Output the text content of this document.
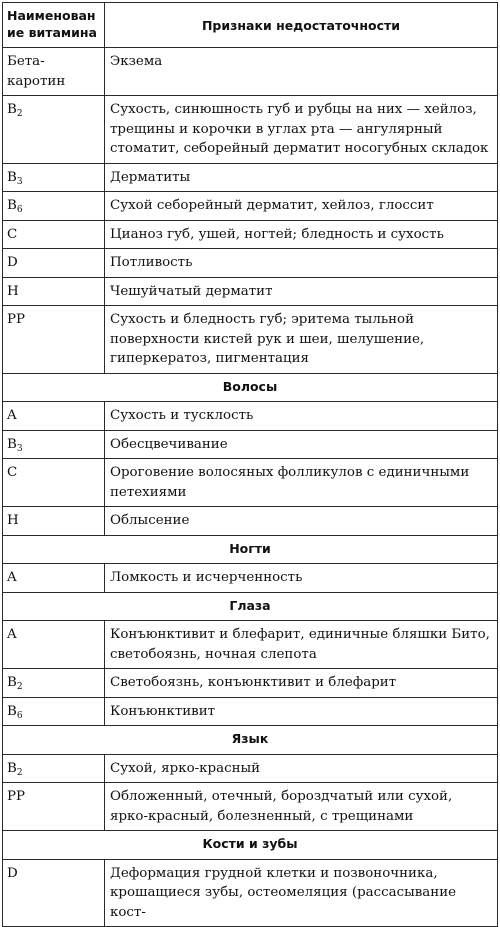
Наименование витамина	Признаки недостаточности
Бета-каротин	Экзема
$B_2$	Сухость, синюшность губ и рубцы на них — хейлоз, трещины и корочки в углах рта — ангулярный стоматит, себорейный дерматит носогубных складок
$B_3$	Дерматиты
$B_6$	Сухой себорейный дерматит, хейлоз, глоссит
C	Цианоз губ, ушей, ногтей; бледность и сухость
D	Потливость
H	Чешуйчатый дерматит
PP	Сухость и бледность губ; эритема тыльной поверхности кистей рук и шеи, шелушение, гиперкератоз, пигментация
Волосы	
A	Сухость и тусклость
$B_3$	Обесцвечивание
C	Ороговение волосяных фолликулов с единичными петехиями
H	Облысение
Ногти	
A	Ломкость и исчерченность
Глаза	
A	Конъюнктивит и блефарит, единичные бляшки Бито, светобоязнь, ночная слепота
$B_2$	Светобоязнь, конъюнктивит и блефарит
$B_6$	Конъюнктивит
Язык	
$B_2$	Сухой, ярко-красный
PP	Обложенный, отечный, бороздчатый или сухой, ярко-красный, болезненный, с трещинами
Кости и зубы	
D	Деформация грудной клетки и позвоночника, крошащиеся зубы, остеомеляция (рассасывание кост-
